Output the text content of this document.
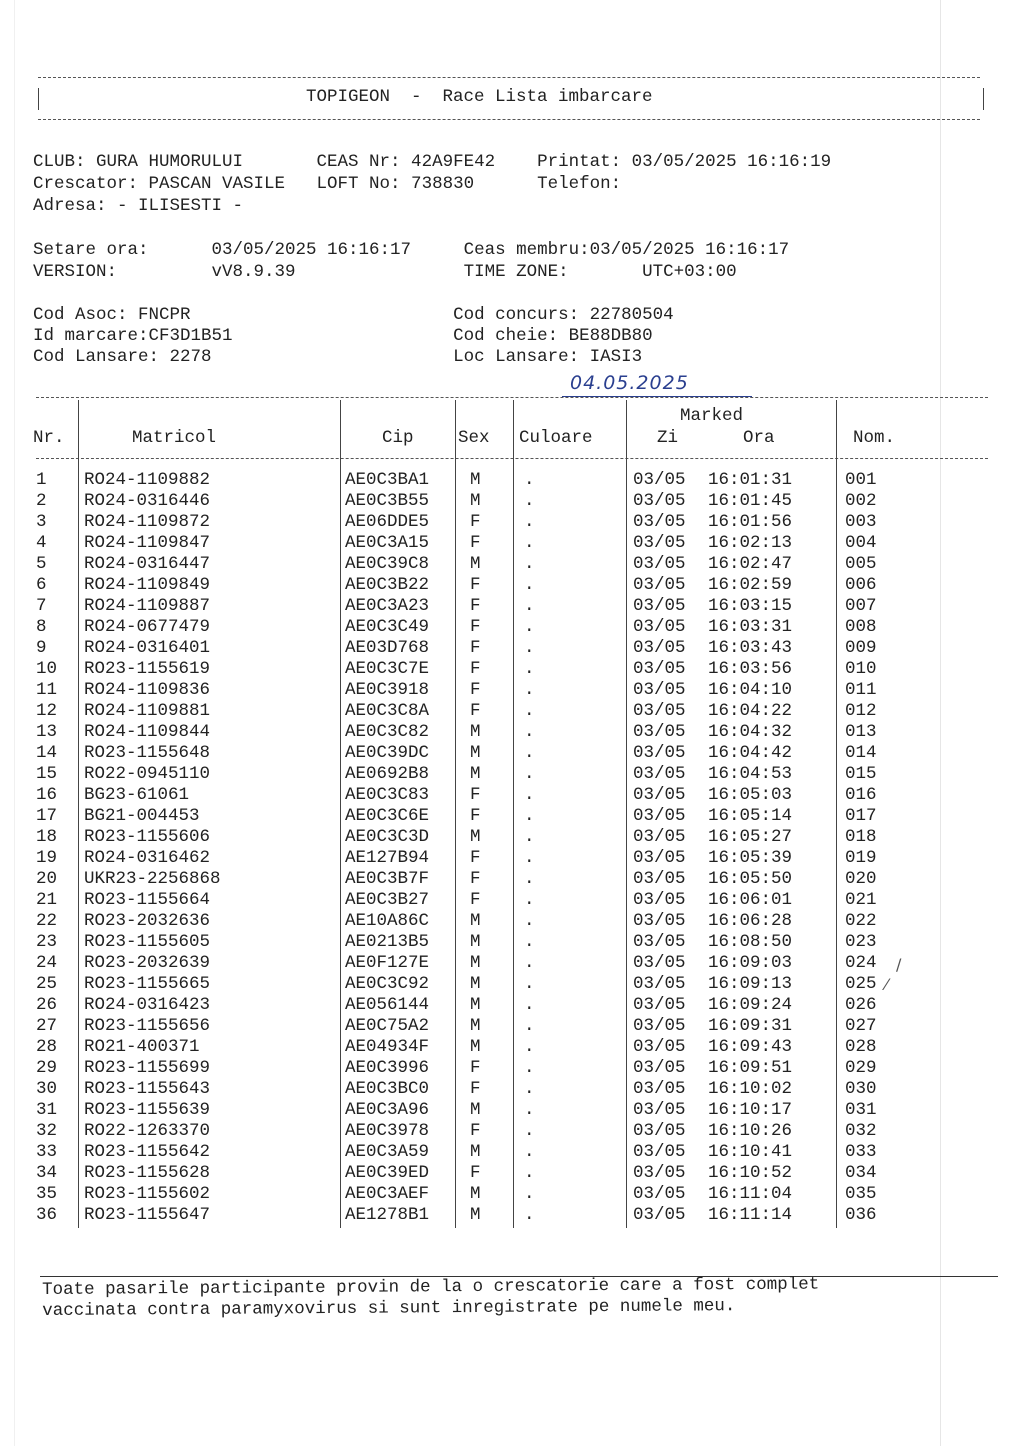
TOPIGEON  -  Race Lista imbarcare
CLUB: GURA HUMORULUI       CEAS Nr: 42A9FE42    Printat: 03/05/2025 16:16:19
Crescator: PASCAN VASILE   LOFT No: 738830      Telefon:
Adresa: - ILISESTI -
Setare ora:      03/05/2025 16:16:17     Ceas membru:03/05/2025 16:16:17
VERSION:         vV8.9.39                TIME ZONE:       UTC+03:00
Cod Asoc: FNCPR                         Cod concurs: 22780504
Id marcare:CF3D1B51                     Cod cheie: BE88DB80
Cod Lansare: 2278                       Loc Lansare: IASI3
04.05.2025
Nr.	Matricol	Cip	Sex Culoare
Marked
Zi	Ora	Nom.
1 RO24-1109882	AE0C3BA1 M .	03/05 16:01:31	001
2 RO24-0316446	AE0C3B55 M .	03/05 16:01:45	002
3 RO24-1109872	AE06DDE5 F .	03/05 16:01:56	003
4 RO24-1109847	AE0C3A15 F .	03/05 16:02:13	004
5 RO24-0316447	AE0C39C8 M .	03/05 16:02:47	005
6 RO24-1109849	AE0C3B22 F .	03/05 16:02:59	006
7 RO24-1109887	AE0C3A23 F .	03/05 16:03:15	007
8 RO24-0677479	AE0C3C49 F .	03/05 16:03:31	008
9 RO24-0316401	AE03D768 F .	03/05 16:03:43	009
10 RO23-1155619	AE0C3C7E F .	03/05 16:03:56	010
11 RO24-1109836	AE0C3918 F .	03/05 16:04:10	011
12 RO24-1109881	AE0C3C8A F .	03/05 16:04:22	012
13 RO24-1109844	AE0C3C82 M .	03/05 16:04:32	013
14 RO23-1155648	AE0C39DC M .	03/05 16:04:42	014
15 RO22-0945110	AE0692B8 M .	03/05 16:04:53	015
16 BG23-61061	AE0C3C83 F .	03/05 16:05:03	016
17 BG21-004453	AE0C3C6E F .	03/05 16:05:14	017
18 RO23-1155606	AE0C3C3D M .	03/05 16:05:27	018
19 RO24-0316462	AE127B94 F .	03/05 16:05:39	019
20 UKR23-2256868	AE0C3B7F F .	03/05 16:05:50	020
21 RO23-1155664	AE0C3B27 F .	03/05 16:06:01	021
22 RO23-2032636	AE10A86C M .	03/05 16:06:28	022
23 RO23-1155605	AE0213B5 M .	03/05 16:08:50	023
24 RO23-2032639	AE0F127E M .	03/05 16:09:03	024
25 RO23-1155665	AE0C3C92 M .	03/05 16:09:13	025
26 RO24-0316423	AE056144 M .	03/05 16:09:24	026
27 RO23-1155656	AE0C75A2 M .	03/05 16:09:31	027
28 RO21-400371	AE04934F M .	03/05 16:09:43	028
29 RO23-1155699	AE0C3996 F .	03/05 16:09:51	029
30 RO23-1155643	AE0C3BC0 F .	03/05 16:10:02	030
31 RO23-1155639	AE0C3A96 M .	03/05 16:10:17	031
32 RO22-1263370	AE0C3978 F .	03/05 16:10:26	032
33 RO23-1155642	AE0C3A59 M .	03/05 16:10:41	033
34 RO23-1155628	AE0C39ED F .	03/05 16:10:52	034
35 RO23-1155602	AE0C3AEF M .	03/05 16:11:04	035
36 RO23-1155647	AE1278B1 M .	03/05 16:11:14	036
/
⁄
Toate pasarile participante provin de la o crescatorie care a fost complet
vaccinata contra paramyxovirus si sunt inregistrate pe numele meu.
